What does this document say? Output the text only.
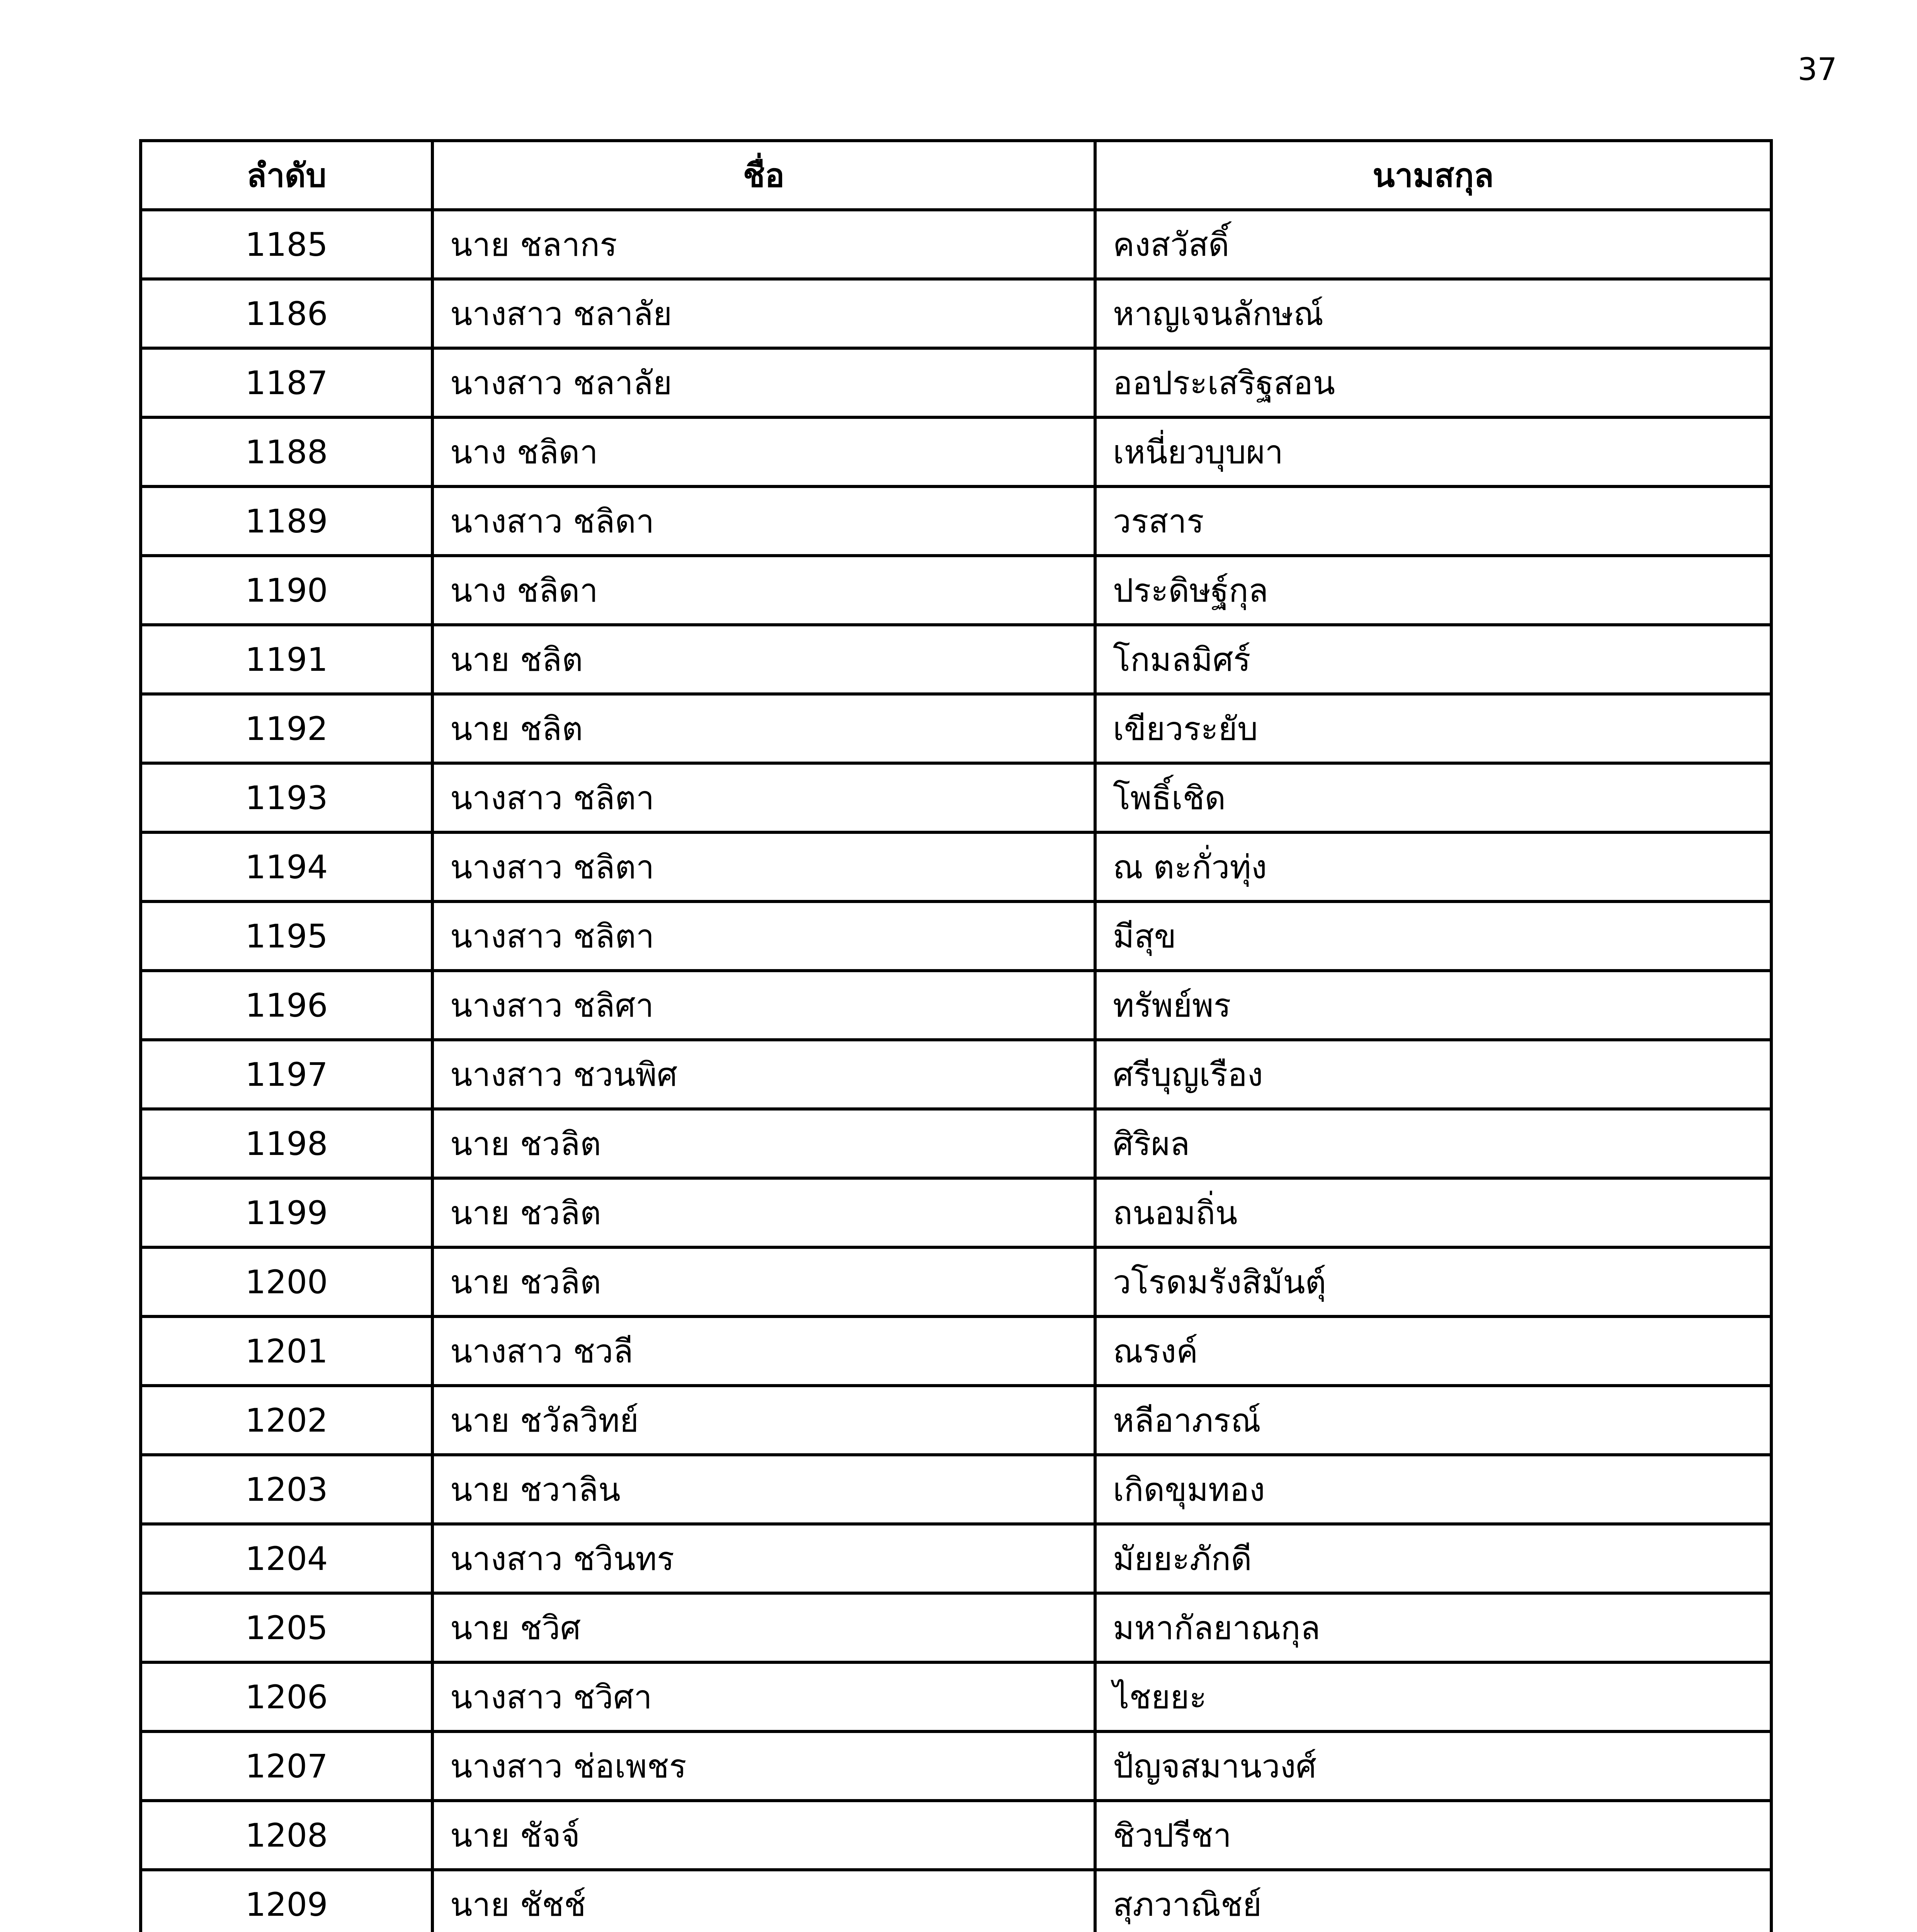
37
ลำดับ	ชื่อ	นามสกุล
1185	นาย ชลากร	คงสวัสดิ์
1186	นางสาว ชลาลัย	หาญเจนลักษณ์
1187	นางสาว ชลาลัย	ออประเสริฐสอน
1188	นาง ชลิดา	เหนี่ยวบุบผา
1189	นางสาว ชลิดา	วรสาร
1190	นาง ชลิดา	ประดิษฐ์กุล
1191	นาย ชลิต	โกมลมิศร์
1192	นาย ชลิต	เขียวระยับ
1193	นางสาว ชลิตา	โพธิ์เชิด
1194	นางสาว ชลิตา	ณ ตะกั่วทุ่ง
1195	นางสาว ชลิตา	มีสุข
1196	นางสาว ชลิศา	ทรัพย์พร
1197	นางสาว ชวนพิศ	ศรีบุญเรือง
1198	นาย ชวลิต	ศิริผล
1199	นาย ชวลิต	ถนอมถิ่น
1200	นาย ชวลิต	วโรดมรังสิมันตุ์
1201	นางสาว ชวลี	ณรงค์
1202	นาย ชวัลวิทย์	หลีอาภรณ์
1203	นาย ชวาลิน	เกิดขุมทอง
1204	นางสาว ชวินทร	มัยยะภักดี
1205	นาย ชวิศ	มหากัลยาณกุล
1206	นางสาว ชวิศา	ไชยยะ
1207	นางสาว ช่อเพชร	ปัญจสมานวงศ์
1208	นาย ชัจจ์	ชิวปรีชา
1209	นาย ชัชช์	สุภวาณิชย์
